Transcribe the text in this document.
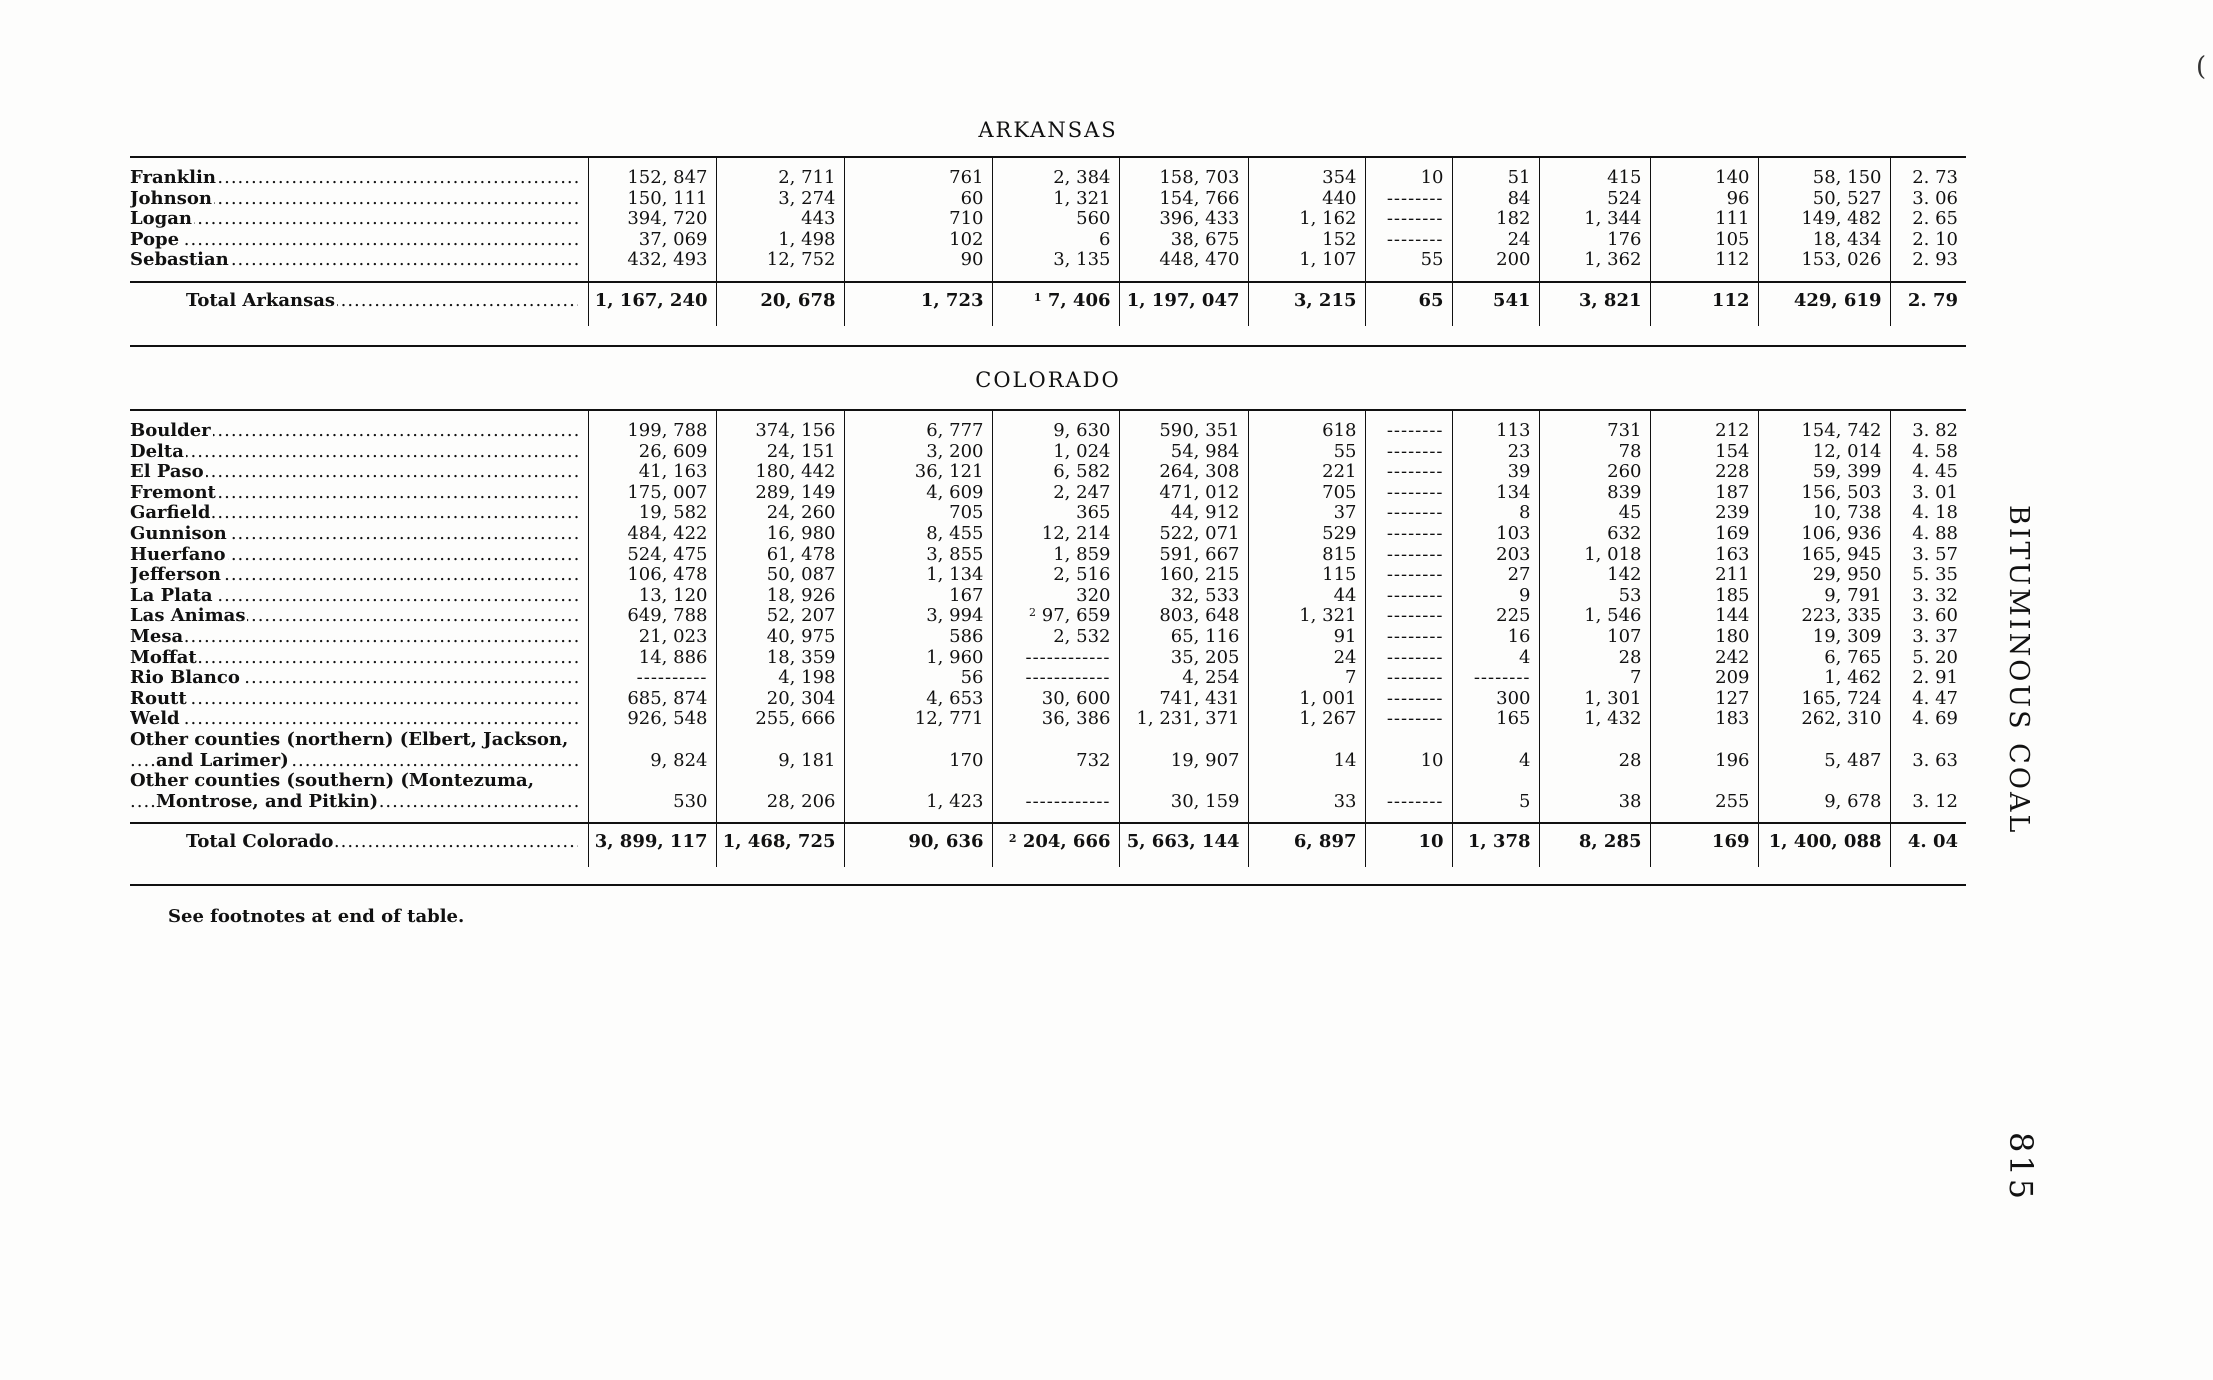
(
ARKANSAS
Franklin .....	152, 847	2, 711	761	2, 384	158, 703	354	10	51	415	140	58, 150	2. 73

Johnson .....	150, 111	3, 274	60	1, 321	154, 766	440	--------	84	524	96	50, 527	3. 06

Logan .....	394, 720	443	710	560	396, 433	1, 162	--------	182	1, 344	111	149, 482	2. 65

Pope .....	37, 069	1, 498	102	6	38, 675	152	--------	24	176	105	18, 434	2. 10

Sebastian .....	432, 493	12, 752	90	3, 135	448, 470	1, 107	55	200	1, 362	112	153, 026	2. 93

Total Arkansas .....	1, 167, 240	20, 678	1, 723	$^1$ 7, 406	1, 197, 047	3, 215	65	541	3, 821	112	429, 619	2. 79
COLORADO
Boulder .....	199, 788	374, 156	6, 777	9, 630	590, 351	618	--------	113	731	212	154, 742	3. 82

Delta .....	26, 609	24, 151	3, 200	1, 024	54, 984	55	--------	23	78	154	12, 014	4. 58

El Paso .....	41, 163	180, 442	36, 121	6, 582	264, 308	221	--------	39	260	228	59, 399	4. 45

Fremont .....	175, 007	289, 149	4, 609	2, 247	471, 012	705	--------	134	839	187	156, 503	3. 01

Garfield .....	19, 582	24, 260	705	365	44, 912	37	--------	8	45	239	10, 738	4. 18

Gunnison .....	484, 422	16, 980	8, 455	12, 214	522, 071	529	--------	103	632	169	106, 936	4. 88

Huerfano .....	524, 475	61, 478	3, 855	1, 859	591, 667	815	--------	203	1, 018	163	165, 945	3. 57

Jefferson .....	106, 478	50, 087	1, 134	2, 516	160, 215	115	--------	27	142	211	29, 950	5. 35

La Plata .....	13, 120	18, 926	167	320	32, 533	44	--------	9	53	185	9, 791	3. 32

Las Animas .....	649, 788	52, 207	3, 994	$^2$ 97, 659	803, 648	1, 321	--------	225	1, 546	144	223, 335	3. 60

Mesa .....	21, 023	40, 975	586	2, 532	65, 116	91	--------	16	107	180	19, 309	3. 37

Moffat .....	14, 886	18, 359	1, 960	------------	35, 205	24	--------	4	28	242	6, 765	5. 20

Rio Blanco .....	----------	4, 198	56	------------	4, 254	7	--------	--------	7	209	1, 462	2. 91

Routt .....	685, 874	20, 304	4, 653	30, 600	741, 431	1, 001	--------	300	1, 301	127	165, 724	4. 47

Weld .....	926, 548	255, 666	12, 771	36, 386	1, 231, 371	1, 267	--------	165	1, 432	183	262, 310	4. 69
Other counties (northern) (Elbert, Jackson,
and Larimer) .....	9, 824	9, 181	170	732	19, 907	14	10	4	28	196	5, 487	3. 63
Other counties (southern) (Montezuma,
Montrose, and Pitkin) .....	530	28, 206	1, 423	------------	30, 159	33	--------	5	38	255	9, 678	3. 12

Total Colorado .....	3, 899, 117	1, 468, 725	90, 636	$^2$ 204, 666	5, 663, 144	6, 897	10	1, 378	8, 285	169	1, 400, 088	4. 04
See footnotes at end of table.
BITUMINOUS COAL
815
